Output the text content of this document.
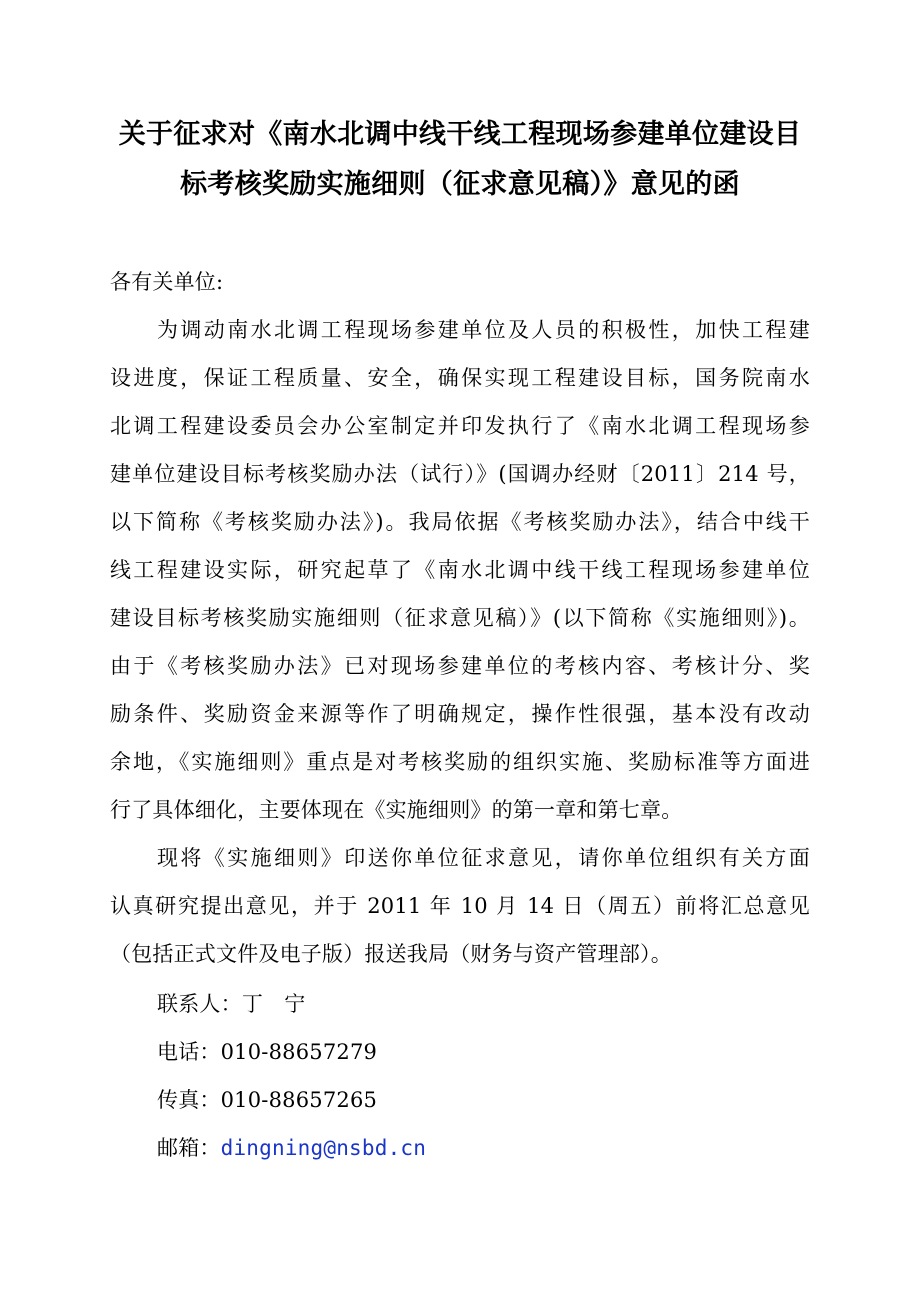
关于征求对《南水北调中线干线工程现场参建单位建设目
标考核奖励实施细则（征求意见稿）》意见的函
各有关单位:
为调动南水北调工程现场参建单位及人员的积极性，加快工程建
设进度，保证工程质量、安全，确保实现工程建设目标，国务院南水
北调工程建设委员会办公室制定并印发执行了《南水北调工程现场参
建单位建设目标考核奖励办法（试行）》(国调办经财〔2011〕214 号，
以下简称《考核奖励办法》)。我局依据《考核奖励办法》，结合中线干
线工程建设实际，研究起草了《南水北调中线干线工程现场参建单位
建设目标考核奖励实施细则（征求意见稿）》(以下简称《实施细则》)。
由于《考核奖励办法》已对现场参建单位的考核内容、考核计分、奖
励条件、奖励资金来源等作了明确规定，操作性很强，基本没有改动
余地，《实施细则》重点是对考核奖励的组织实施、奖励标准等方面进
行了具体细化，主要体现在《实施细则》的第一章和第七章。
现将《实施细则》印送你单位征求意见，请你单位组织有关方面
认真研究提出意见，并于 2011 年 10 月 14 日（周五）前将汇总意见
（包括正式文件及电子版）报送我局（财务与资产管理部）。
联系人：丁　宁
电话：010-88657279
传真：010-88657265
邮箱：dingning@nsbd.cn
